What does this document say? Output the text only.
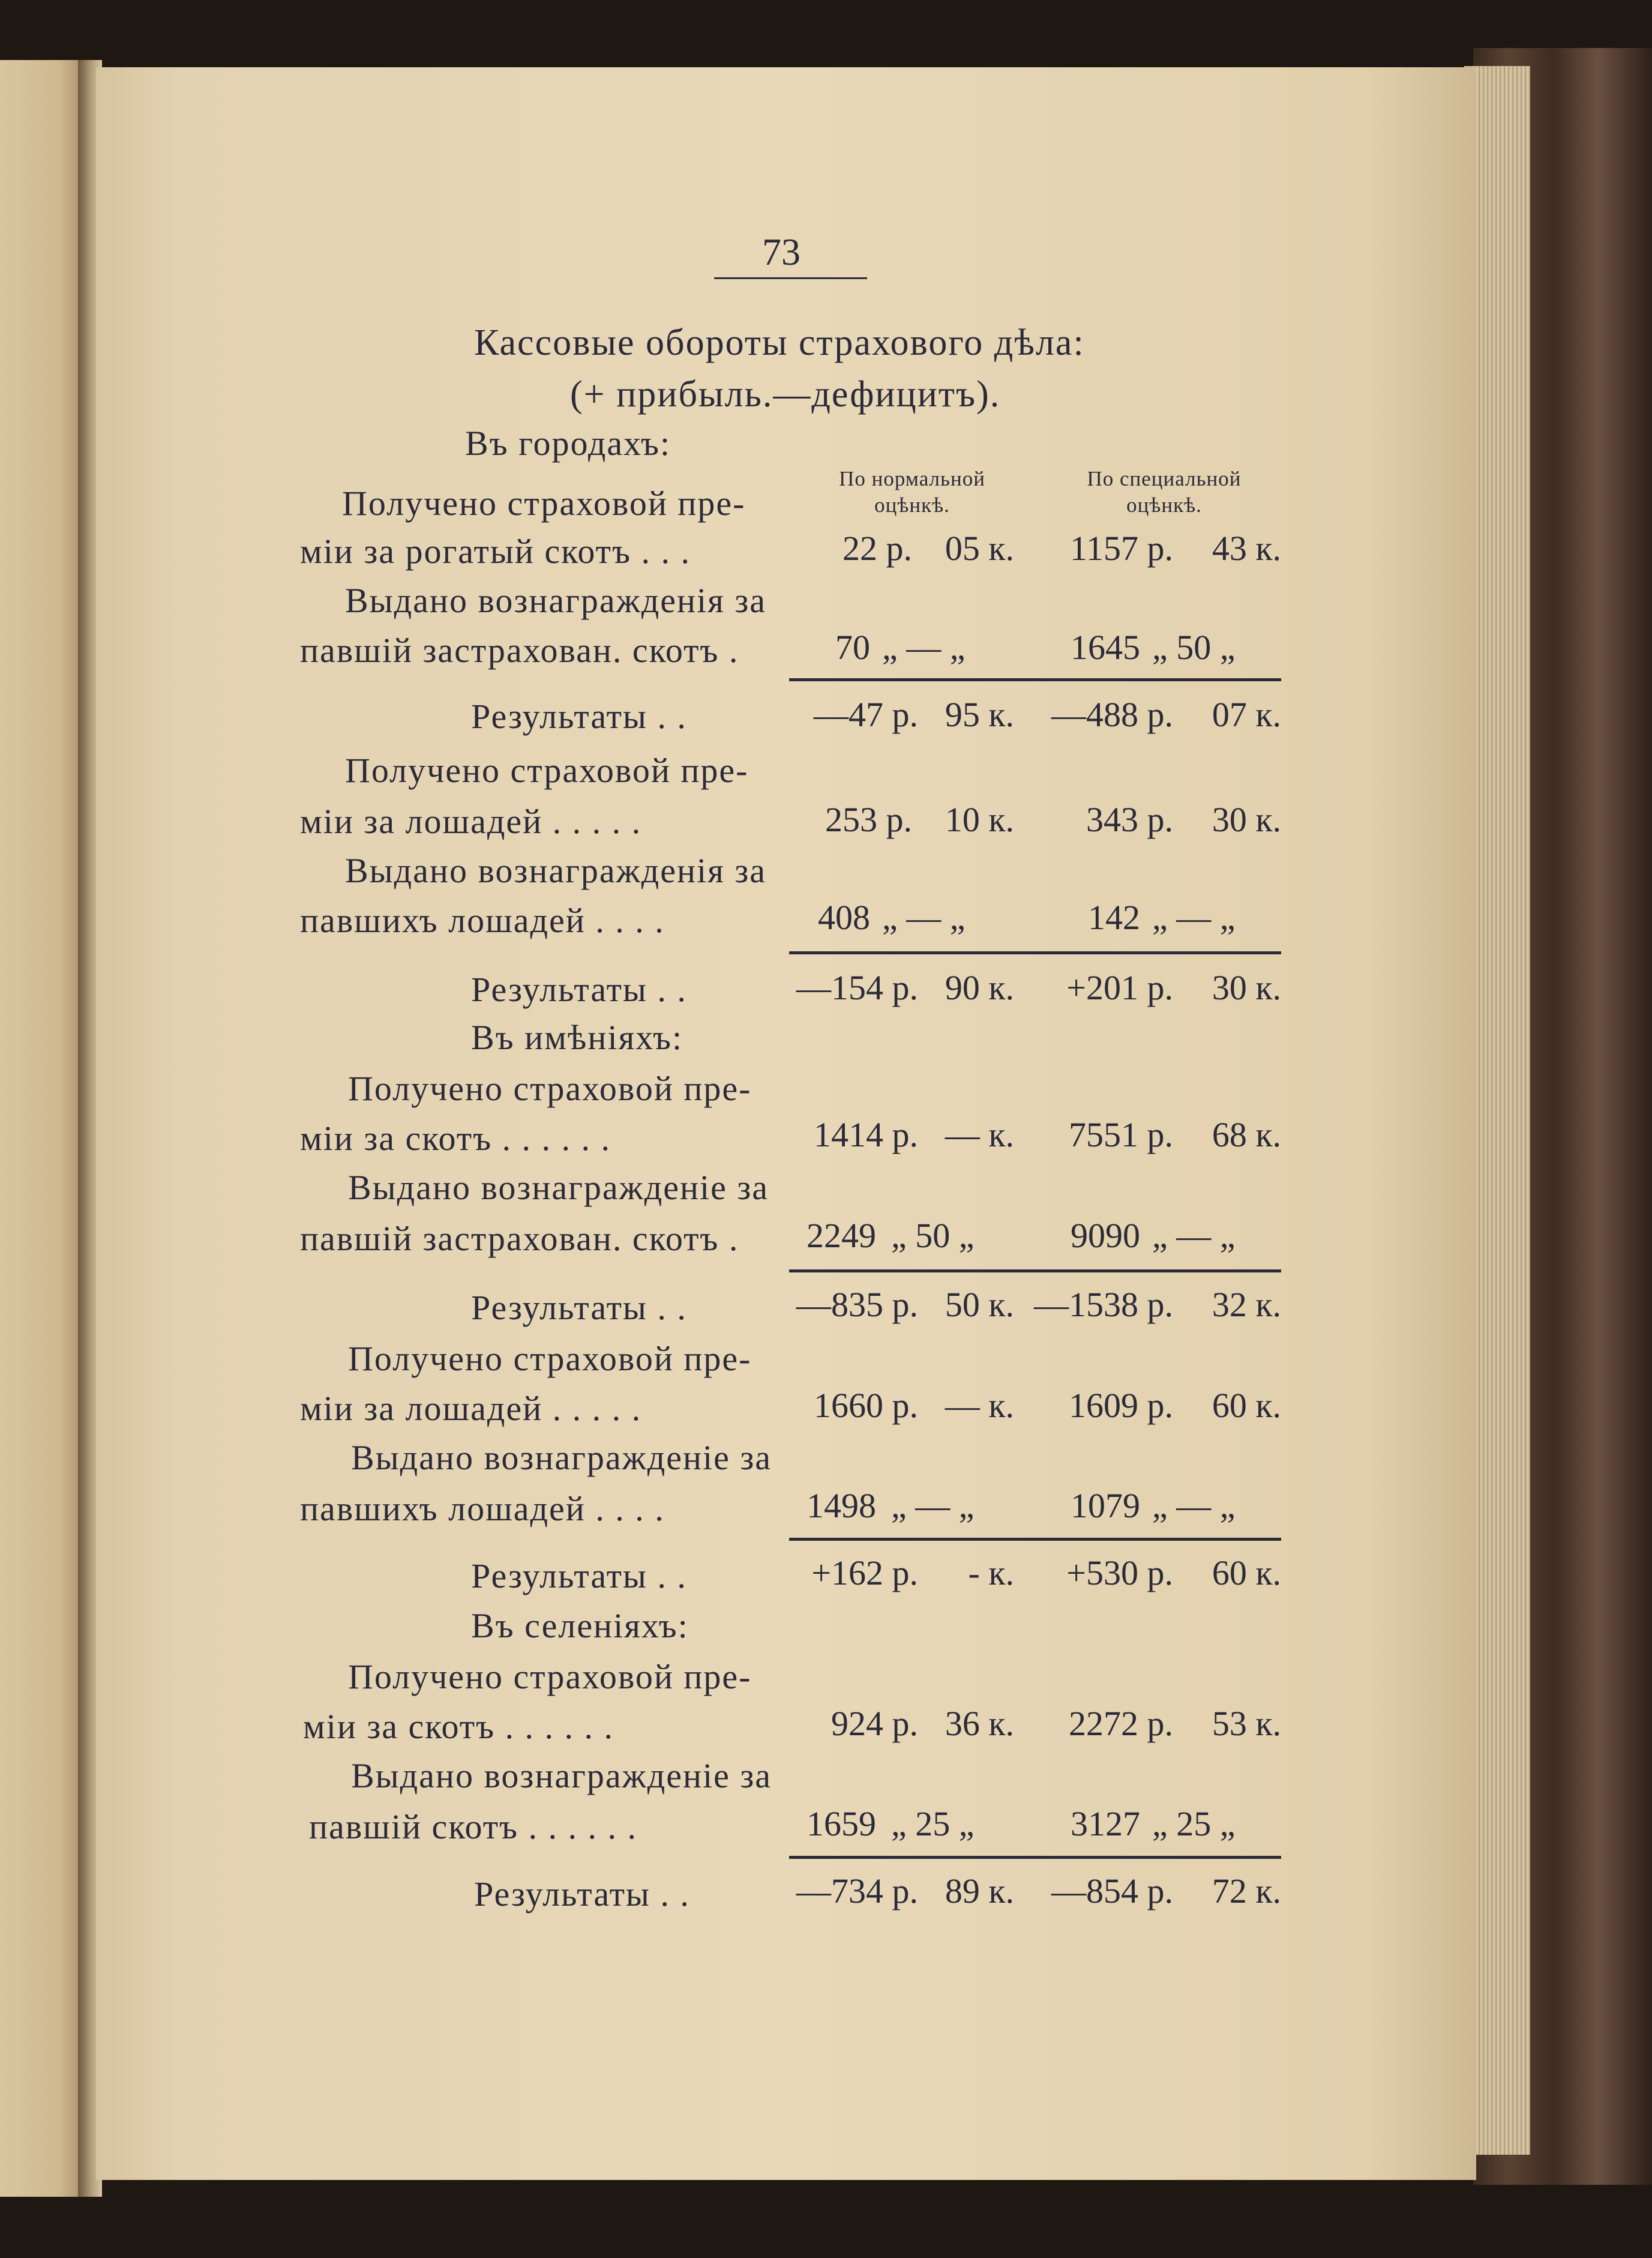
73
Кассовые обороты страхового дѣла:
(+ прибыль.—дефицитъ).
Въ городахъ:
По нормальной
оцѣнкѣ.
По специальной
оцѣнкѣ.
Получено страховой пре-
мiи за рогатый скотъ . . .	22 р. 05 к.	1157 р.	43 к.
Выдано вознагражденiя за
павшiй застрахован. скотъ .	70 „ — „	1645 „ 50 „
Результаты . .	—47 р. 95 к.	—488 р.	07 к.
Получено страховой пре-
мiи за лошадей . . . . .	253 р. 10 к.	343 р.	30 к.
Выдано вознагражденiя за
павшихъ лошадей . . . .	408 „ — „	142 „ — „
Результаты . .	—154 р. 90 к.	+201 р.	30 к.
Въ имѣнiяхъ:
Получено страховой пре-
мiи за скотъ . . . . . .	1414 р. — к.	7551 р.	68 к.
Выдано вознагражденiе за
павшiй застрахован. скотъ .	2249 „ 50 „	9090 „ — „
Результаты . .	—835 р. 50 к. —1538 р.	32 к.
Получено страховой пре-
мiи за лошадей . . . . .	1660 р. — к.	1609 р.	60 к.
Выдано вознагражденiе за
павшихъ лошадей . . . .	1498 „ — „	1079 „ — „
Результаты . .	+162 р.	- к.	+530 р.	60 к.
Въ селенiяхъ:
Получено страховой пре-
мiи за скотъ . . . . . .	924 р. 36 к.	2272 р.	53 к.
Выдано вознагражденiе за
павшiй скотъ . . . . . .	1659 „ 25 „	3127 „ 25 „
Результаты . .	—734 р. 89 к.	—854 р.	72 к.
